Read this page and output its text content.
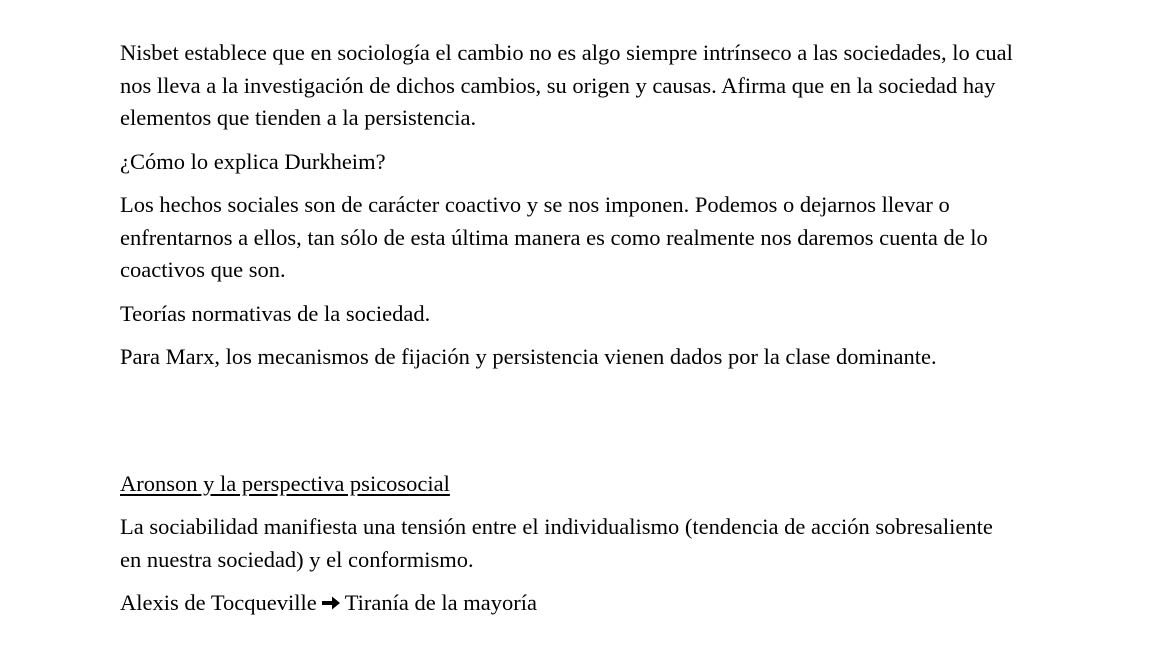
Nisbet establece que en sociología el cambio no es algo siempre intrínseco a las sociedades, lo cual nos lleva a la investigación de dichos cambios, su origen y causas. Afirma que en la sociedad hay elementos que tienden a la persistencia.

¿Cómo lo explica Durkheim?

Los hechos sociales son de carácter coactivo y se nos imponen. Podemos o dejarnos llevar o enfrentarnos a ellos, tan sólo de esta última manera es como realmente nos daremos cuenta de lo coactivos que son.

Teorías normativas de la sociedad.

Para Marx, los mecanismos de fijación y persistencia vienen dados por la clase dominante.

Aronson y la perspectiva psicosocial

La sociabilidad manifiesta una tensión entre el individualismo (tendencia de acción sobresaliente en nuestra sociedad) y el conformismo.

Alexis de Tocqueville Tiranía de la mayoría
